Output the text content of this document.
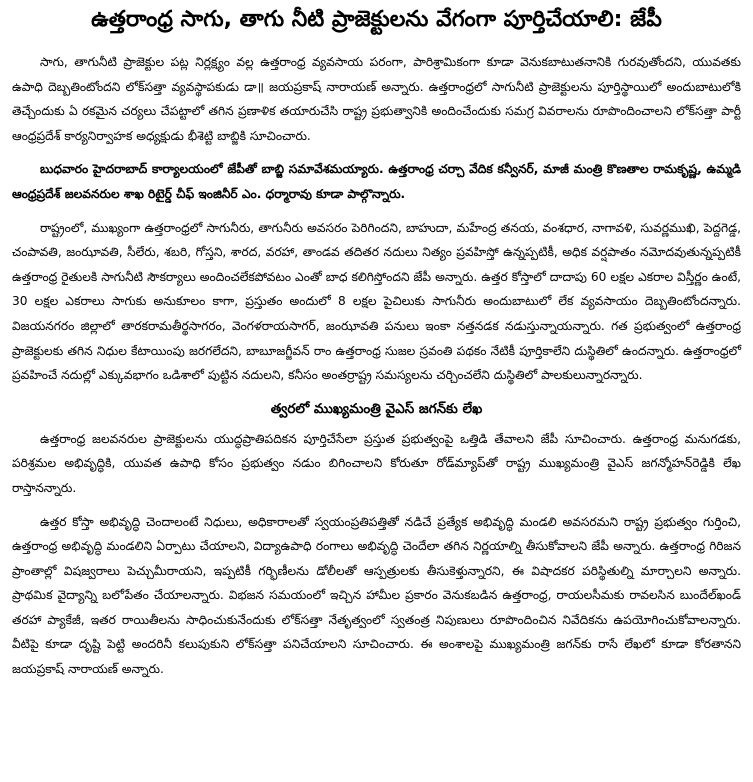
ఉత్తరాంధ్ర సాగు, తాగు నీటి ప్రాజెక్టులను వేగంగా పూర్తిచేయాలి: జేపీ

సాగు, తాగునీటి ప్రాజెక్టుల పట్ల నిర్లక్ష్యం వల్ల ఉత్తరాంధ్ర వ్యవసాయ పరంగా, పారిశ్రామికంగా కూడా వెనుకబాటుతనానికి గురవుతోందని, యువతకు ఉపాధి దెబ్బతింటోందని లోక్‌సత్తా వ్యవస్థాపకుడు డా॥ జయప్రకాష్ నారాయణ్ అన్నారు. ఉత్తరాంధ్రలో సాగునీటి ప్రాజెక్టులను పూర్తిస్థాయిలో అందుబాటులోకి తెచ్చేందుకు ఏ రకమైన చర్యలు చేపట్టాలో తగిన ప్రణాళిక తయారుచేసి రాష్ట్ర ప్రభుత్వానికి అందించేందుకు సమగ్ర వివరాలను రూపొందించాలని లోక్‌సత్తా పార్టీ ఆంధ్రప్రదేశ్ కార్యనిర్వాహక అధ్యక్షుడు భీశెట్టి బాబ్జికి సూచించారు.

బుధవారం హైదరాబాద్ కార్యాలయంలో జేపీతో బాబ్జి సమావేశమయ్యారు. ఉత్తరాంధ్ర చర్చా వేదిక కన్వీనర్, మాజీ మంత్రి కొణతాల రామకృష్ణ, ఉమ్మడి ఆంధ్రప్రదేశ్ జలవనరుల శాఖ రిటైర్డ్ చీఫ్ ఇంజినీర్ ఎం. ధర్మారావు కూడా పాల్గొన్నారు.

రాష్ట్రంలో, ముఖ్యంగా ఉత్తరాంధ్రలో సాగునీరు, తాగునీరు అవసరం పెరిగిందని, బాహుదా, మహేంద్ర తనయ, వంశధార, నాగావళి, సువర్ణముఖి, పెద్దగెడ్డ, చంపావతి, జంఝావతి, సీలేరు, శబరి, గోస్తని, శారద, వరహా, తాండవ తదితర నదులు నిత్యం ప్రవహిస్తో ఉన్నప్పటికీ, అధిక వర్షపాతం నమోదవుతున్నప్పటికీ ఉత్తరాంధ్ర రైతులకి సాగునీటి సౌకర్యాలు అందించలేకపోవటం ఎంతో బాధ కలిగిస్తోందని జేపీ అన్నారు. ఉత్తర కోస్తాలో దాదాపు 60 లక్షల ఎకరాల విస్తీర్ణం ఉంటే, 30 లక్షల ఎకరాలు సాగుకు అనుకూలం కాగా, ప్రస్తుతం అందులో 8 లక్షల పైచిలుకు సాగునీరు అందుబాటులో లేక వ్యవసాయం దెబ్బతింటోందన్నారు. విజయనగరం జిల్లాలో తారకరామతీర్థసాగరం, వెంగళరాయసాగర్, జంఝావతి పనులు ఇంకా నత్తనడక నడుస్తున్నాయన్నారు. గత ప్రభుత్వంలో ఉత్తరాంధ్ర ప్రాజెక్టులకు తగిన నిధుల కేటాయింపు జరగలేదని, బాబూజగ్జీవన్ రాం ఉత్తరాంధ్ర సుజల స్రవంతి పథకం నేటికీ పూర్తికాలేని దుస్థితిలో ఉందన్నారు. ఉత్తరాంధ్రలో ప్రవహించే నదుల్లో ఎక్కువభాగం ఒడిశాలో పుట్టిన నదులని, కనీసం అంతర్రాష్ట్ర సమస్యలను చర్చించలేని దుస్థితిలో పాలకులున్నారన్నారు.

త్వరలో ముఖ్యమంత్రి వైఎస్ జగన్‌కు లేఖ

ఉత్తరాంధ్ర జలవనరుల ప్రాజెక్టులను యుద్ధప్రాతిపదికన పూర్తిచేసేలా ప్రస్తుత ప్రభుత్వంపై ఒత్తిడి తేవాలని జేపీ సూచించారు. ఉత్తరాంధ్ర మనుగడకు, పరిశ్రమల అభివృద్ధికి, యువత ఉపాధి కోసం ప్రభుత్వం నడుం బిగించాలని కోరుతూ రోడ్‌మ్యాప్‌తో రాష్ట్ర ముఖ్యమంత్రి వైఎస్ జగన్మోహన్‌రెడ్డికి లేఖ రాస్తానన్నారు.

ఉత్తర కోస్తా అభివృద్ధి చెందాలంటే నిధులు, అధికారాలతో స్వయంప్రతిపత్తితో నడిచే ప్రత్యేక అభివృద్ధి మండలి అవసరమని రాష్ట్ర ప్రభుత్వం గుర్తించి, ఉత్తరాంధ్ర అభివృద్ధి మండలిని ఏర్పాటు చేయాలని, విద్యాఉపాధి రంగాలు అభివృద్ధి చెందేలా తగిన నిర్ణయాల్ని తీసుకోవాలని జేపీ అన్నారు. ఉత్తరాంధ్ర గిరిజన ప్రాంతాల్లో విషజ్వరాలు పెచ్చుమీరాయని, ఇప్పటికీ గర్భిణీలను డోలీలతో ఆస్పత్రులకు తీసుకెళ్తున్నారని, ఈ విషాదకర పరిస్థితుల్ని మార్చాలని అన్నారు. ప్రాథమిక వైద్యాన్ని బలోపేతం చేయాలన్నారు. విభజన సమయంలో ఇచ్చిన హామీల ప్రకారం వెనుకబడిన ఉత్తరాంధ్ర, రాయలసీమకు రావలసిన బుందేల్‌ఖండ్ తరహా ప్యాకేజీ, ఇతర రాయితీలను సాధించుకునేందుకు లోక్‌సత్తా నేతృత్వంలో స్వతంత్ర నిపుణులు రూపొందించిన నివేదికను ఉపయోగించుకోవాలన్నారు. వీటిపై కూడా దృష్టి పెట్టి అందరినీ కలుపుకుని లోక్‌సత్తా పనిచేయాలని సూచించారు. ఈ అంశాలపై ముఖ్యమంత్రి జగన్‌కు రాసే లేఖలో కూడా కోరతానని జయప్రకాష్ నారాయణ్ అన్నారు.
